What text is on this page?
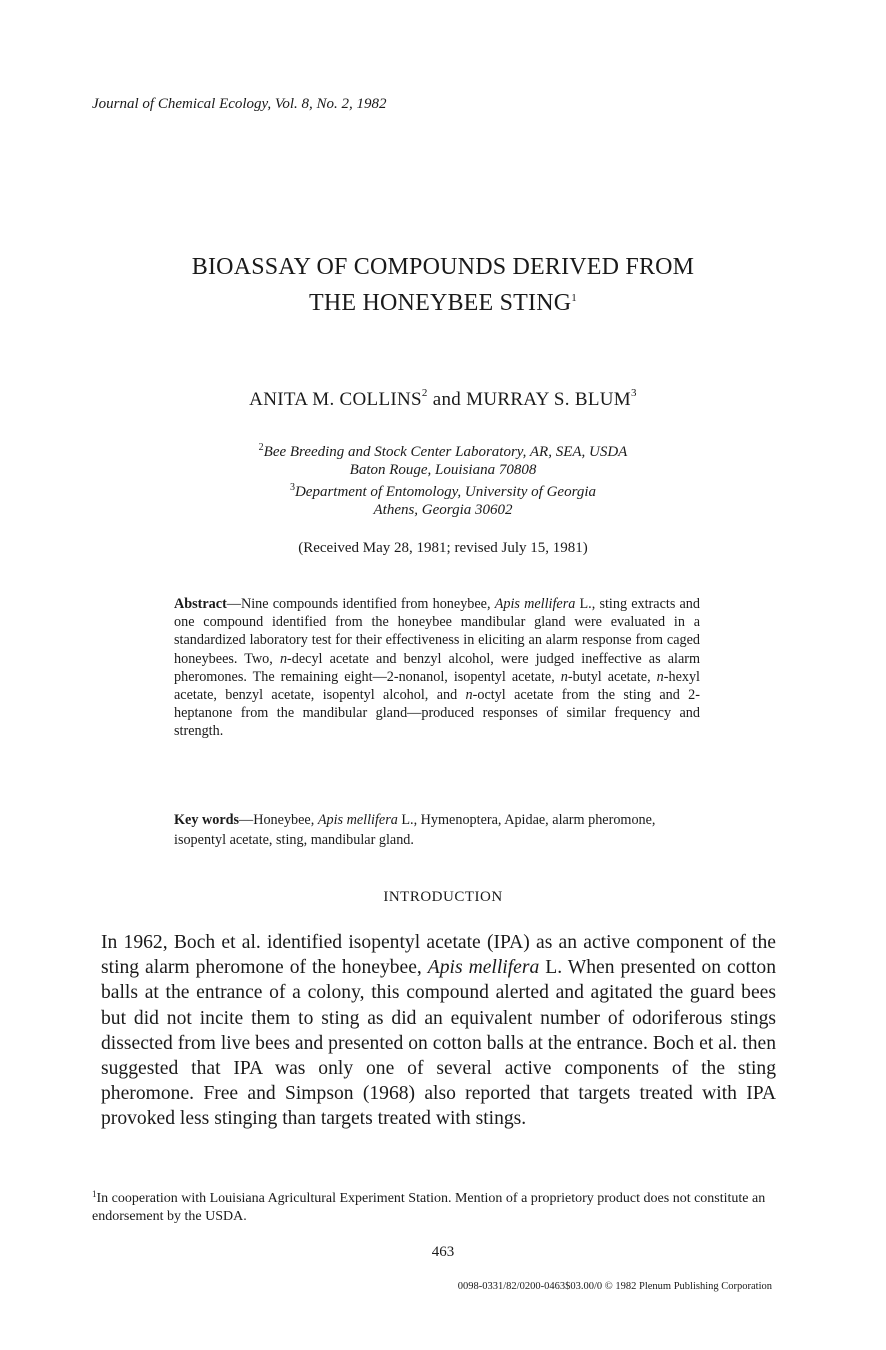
Journal of Chemical Ecology, Vol. 8, No. 2, 1982
BIOASSAY OF COMPOUNDS DERIVED FROM
THE HONEYBEE STING$^1$
ANITA M. COLLINS$^2$ and MURRAY S. BLUM$^3$
$^2$Bee Breeding and Stock Center Laboratory, AR, SEA, USDA
Baton Rouge, Louisiana 70808
$^3$Department of Entomology, University of Georgia
Athens, Georgia 30602
(Received May 28, 1981; revised July 15, 1981)
Abstract—Nine compounds identified from honeybee, Apis mellifera L., sting extracts and one compound identified from the honeybee mandibular gland were evaluated in a standardized laboratory test for their effectiveness in eliciting an alarm response from caged honeybees. Two, n-decyl acetate and benzyl alcohol, were judged ineffective as alarm pheromones. The remaining eight—2-nonanol, isopentyl acetate, n-butyl acetate, n-hexyl acetate, benzyl acetate, isopentyl alcohol, and n-octyl acetate from the sting and 2-heptanone from the mandibular gland—produced responses of similar frequency and strength.
Key words—Honeybee, Apis mellifera L., Hymenoptera, Apidae, alarm pheromone, isopentyl acetate, sting, mandibular gland.
INTRODUCTION
In 1962, Boch et al. identified isopentyl acetate (IPA) as an active component of the sting alarm pheromone of the honeybee, Apis mellifera L. When presented on cotton balls at the entrance of a colony, this compound alerted and agitated the guard bees but did not incite them to sting as did an equivalent number of odoriferous stings dissected from live bees and presented on cotton balls at the entrance. Boch et al. then suggested that IPA was only one of several active components of the sting pheromone. Free and Simpson (1968) also reported that targets treated with IPA provoked less stinging than targets treated with stings.
$^1$In cooperation with Louisiana Agricultural Experiment Station. Mention of a proprietory product does not constitute an endorsement by the USDA.
463
0098-0331/82/0200-0463$03.00/0 © 1982 Plenum Publishing Corporation
